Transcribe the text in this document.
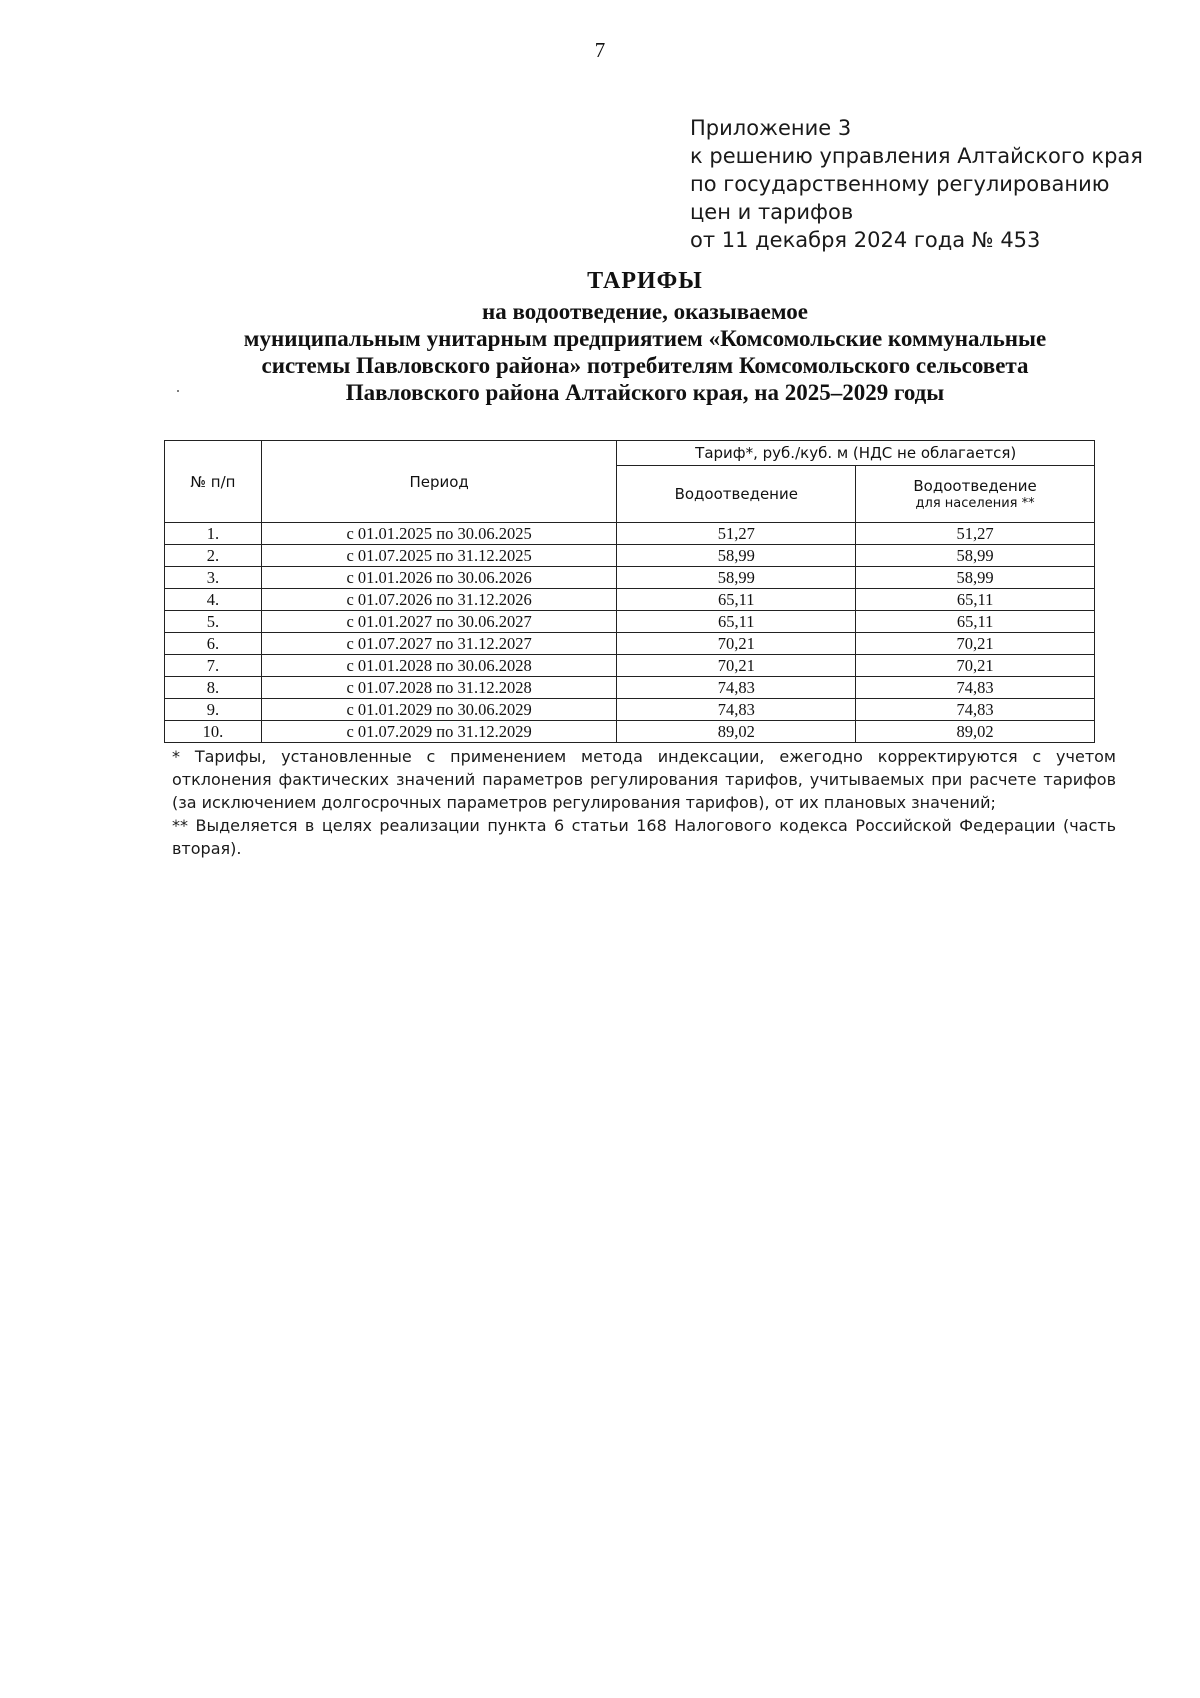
7
Приложение 3
к решению управления Алтайского края
по государственному регулированию
цен и тарифов
от 11 декабря 2024 года № 453
ТАРИФЫ
на водоотведение, оказываемое
муниципальным унитарным предприятием «Комсомольские коммунальные
системы Павловского района» потребителям Комсомольского сельсовета
Павловского района Алтайского края, на 2025–2029 годы
№ п/п	Период	Тариф*, руб./куб. м (НДС не облагается)	
		Водоотведение	Водоотведение
для населения **

1.	с 01.01.2025 по 30.06.2025	51,27	51,27
2.	с 01.07.2025 по 31.12.2025	58,99	58,99
3.	с 01.01.2026 по 30.06.2026	58,99	58,99
4.	с 01.07.2026 по 31.12.2026	65,11	65,11
5.	с 01.01.2027 по 30.06.2027	65,11	65,11
6.	с 01.07.2027 по 31.12.2027	70,21	70,21
7.	с 01.01.2028 по 30.06.2028	70,21	70,21
8.	с 01.07.2028 по 31.12.2028	74,83	74,83
9.	с 01.01.2029 по 30.06.2029	74,83	74,83
10.	с 01.07.2029 по 31.12.2029	89,02	89,02

* Тарифы, установленные с применением метода индексации, ежегодно корректируются с учетом отклонения фактических значений параметров регулирования тарифов, учитываемых при расчете тарифов (за исключением долгосрочных параметров регулирования тарифов), от их плановых значений;

** Выделяется в целях реализации пункта 6 статьи 168 Налогового кодекса Российской Федерации (часть вторая).
